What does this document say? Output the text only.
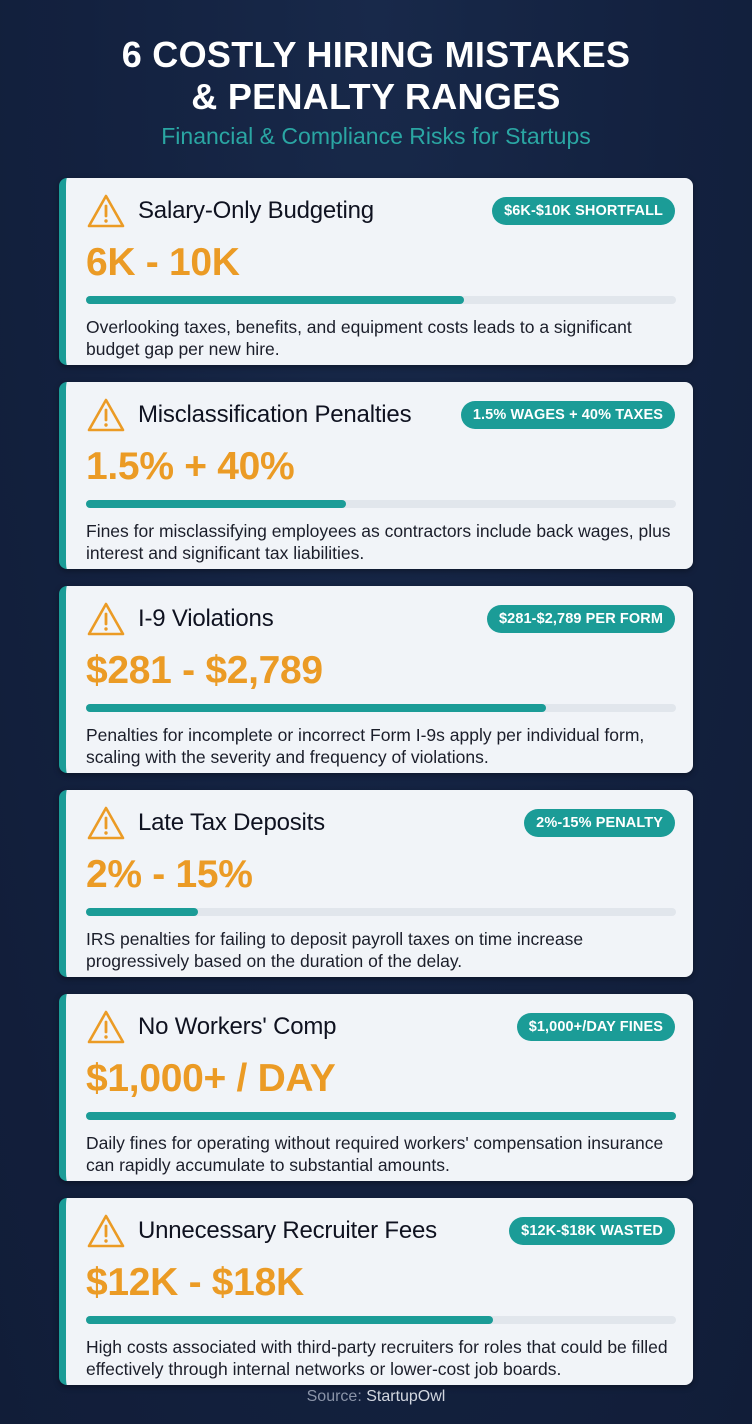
6 COSTLY HIRING MISTAKES
& PENALTY RANGES
Financial & Compliance Risks for Startups
Salary-Only Budgeting	$6K-$10K SHORTFALL
6K - 10K
Overlooking taxes, benefits, and equipment costs leads to a significant budget gap per new hire.
Misclassification Penalties	1.5% WAGES + 40% TAXES
1.5% + 40%
Fines for misclassifying employees as contractors include back wages, plus interest and significant tax liabilities.
I-9 Violations	$281-$2,789 PER FORM
$281 - $2,789
Penalties for incomplete or incorrect Form I-9s apply per individual form, scaling with the severity and frequency of violations.
Late Tax Deposits	2%-15% PENALTY
2% - 15%
IRS penalties for failing to deposit payroll taxes on time increase progressively based on the duration of the delay.
No Workers' Comp	$1,000+/DAY FINES
$1,000+ / DAY
Daily fines for operating without required workers' compensation insurance can rapidly accumulate to substantial amounts.
Unnecessary Recruiter Fees	$12K-$18K WASTED
$12K - $18K
High costs associated with third-party recruiters for roles that could be filled effectively through internal networks or lower-cost job boards.
Source: StartupOwl
